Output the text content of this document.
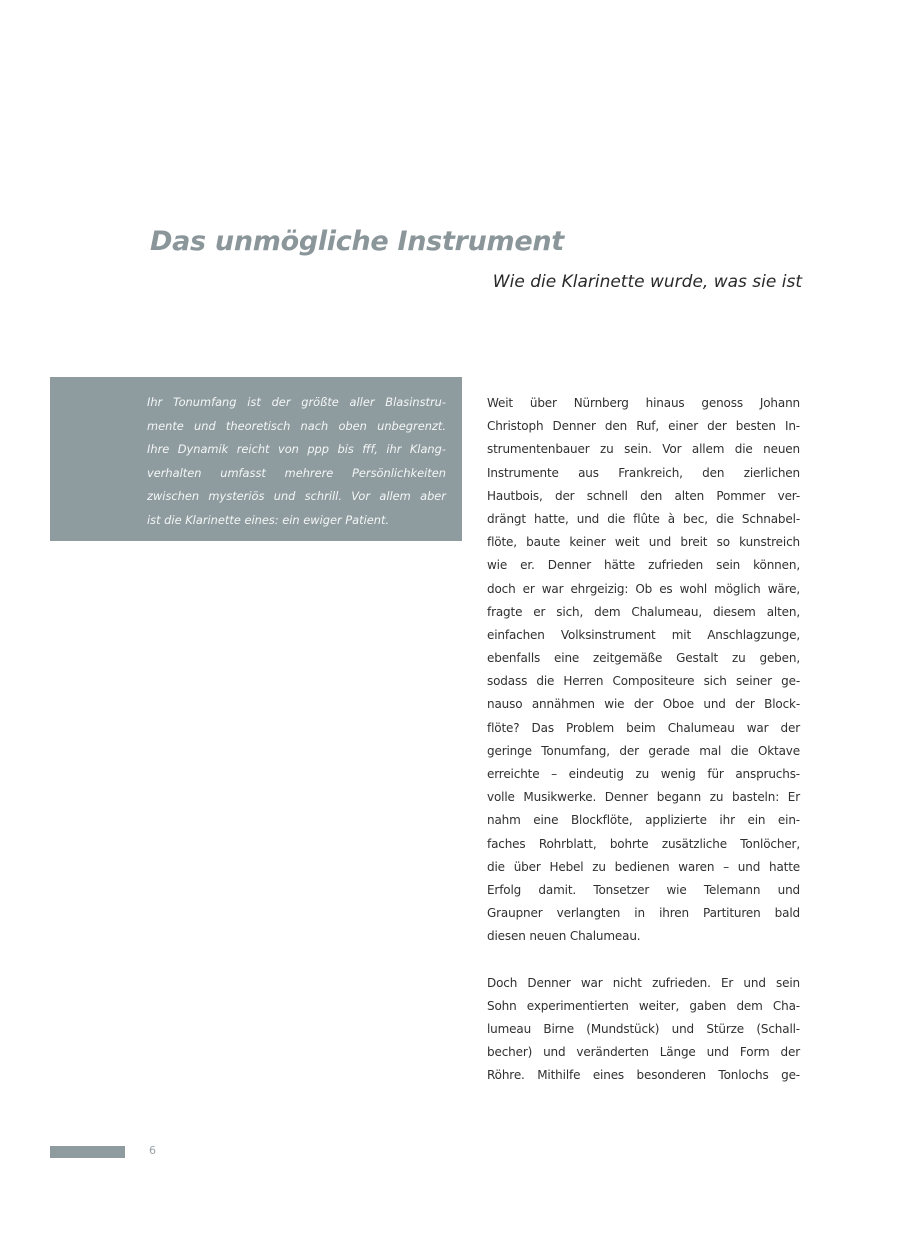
Das unmögliche Instrument
Wie die Klarinette wurde, was sie ist
Ihr Tonumfang ist der größte aller Blasinstru-
mente und theoretisch nach oben unbegrenzt.
Ihre Dynamik reicht von ppp bis fff, ihr Klang-
verhalten umfasst mehrere Persönlichkeiten
zwischen mysteriös und schrill. Vor allem aber
ist die Klarinette eines: ein ewiger Patient.
Weit über Nürnberg hinaus genoss Johann
Christoph Denner den Ruf, einer der besten In-
strumentenbauer zu sein. Vor allem die neuen
Instrumente aus Frankreich, den zierlichen
Hautbois, der schnell den alten Pommer ver-
drängt hatte, und die flûte à bec, die Schnabel-
flöte, baute keiner weit und breit so kunstreich
wie er. Denner hätte zufrieden sein können,
doch er war ehrgeizig: Ob es wohl möglich wäre,
fragte er sich, dem Chalumeau, diesem alten,
einfachen Volksinstrument mit Anschlagzunge,
ebenfalls eine zeitgemäße Gestalt zu geben,
sodass die Herren Compositeure sich seiner ge-
nauso annähmen wie der Oboe und der Block-
flöte? Das Problem beim Chalumeau war der
geringe Tonumfang, der gerade mal die Oktave
erreichte – eindeutig zu wenig für anspruchs-
volle Musikwerke. Denner begann zu basteln: Er
nahm eine Blockflöte, applizierte ihr ein ein-
faches Rohrblatt, bohrte zusätzliche Tonlöcher,
die über Hebel zu bedienen waren – und hatte
Erfolg damit. Tonsetzer wie Telemann und
Graupner verlangten in ihren Partituren bald
diesen neuen Chalumeau.
Doch Denner war nicht zufrieden. Er und sein
Sohn experimentierten weiter, gaben dem Cha-
lumeau Birne (Mundstück) und Stürze (Schall-
becher) und veränderten Länge und Form der
Röhre. Mithilfe eines besonderen Tonlochs ge-
6
